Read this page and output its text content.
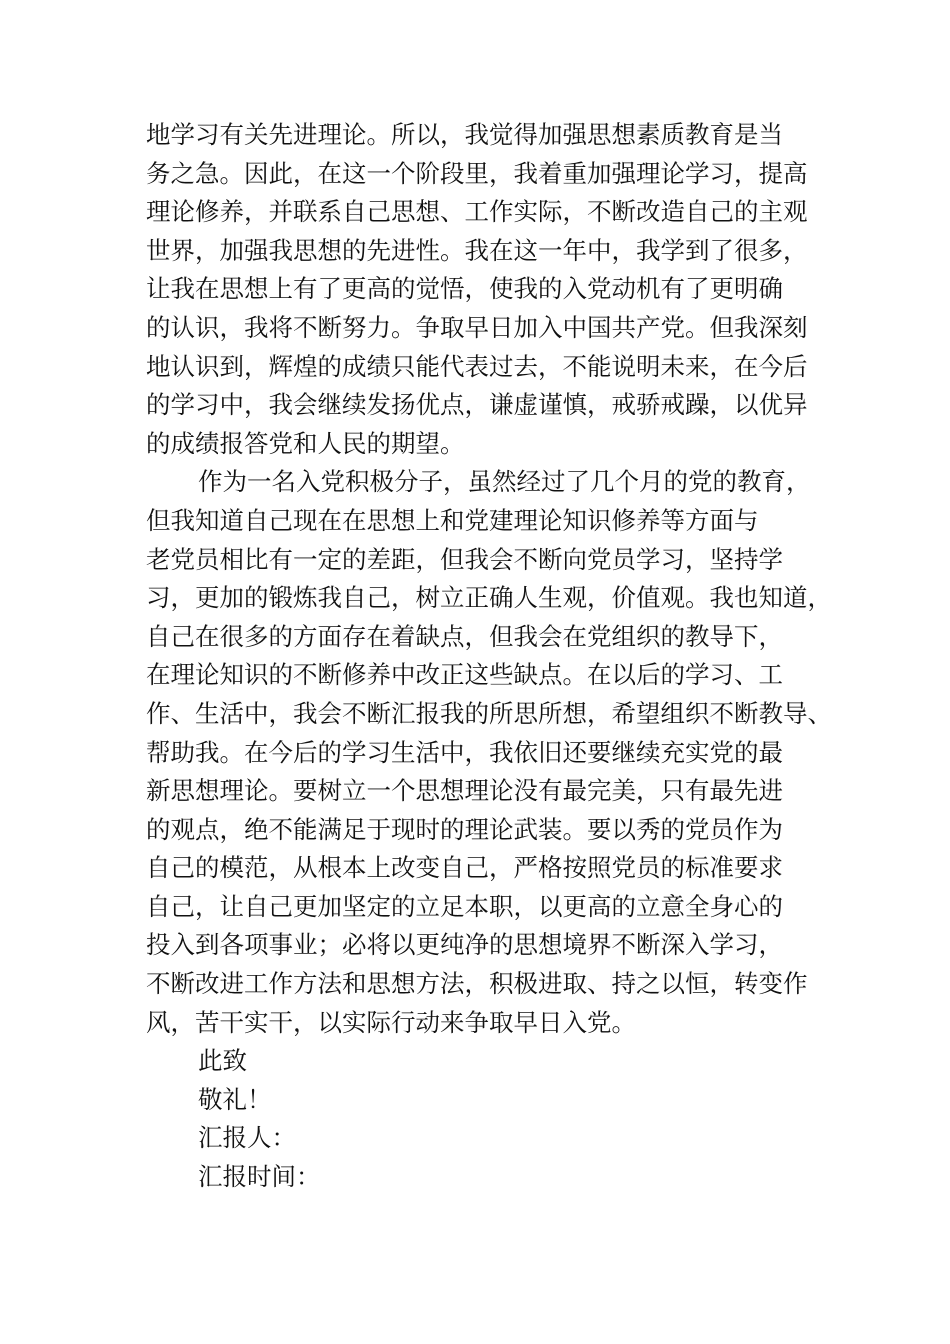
地学习有关先进理论。所以，我觉得加强思想素质教育是当
务之急。因此，在这一个阶段里，我着重加强理论学习，提高
理论修养，并联系自己思想、工作实际，不断改造自己的主观
世界，加强我思想的先进性。我在这一年中，我学到了很多，
让我在思想上有了更高的觉悟，使我的入党动机有了更明确
的认识，我将不断努力。争取早日加入中国共产党。但我深刻
地认识到，辉煌的成绩只能代表过去，不能说明未来，在今后
的学习中，我会继续发扬优点，谦虚谨慎，戒骄戒躁，以优异
的成绩报答党和人民的期望。
作为一名入党积极分子，虽然经过了几个月的党的教育，
但我知道自己现在在思想上和党建理论知识修养等方面与
老党员相比有一定的差距，但我会不断向党员学习，坚持学
习，更加的锻炼我自己，树立正确人生观，价值观。我也知道，
自己在很多的方面存在着缺点，但我会在党组织的教导下，
在理论知识的不断修养中改正这些缺点。在以后的学习、工
作、生活中，我会不断汇报我的所思所想，希望组织不断教导、
帮助我。在今后的学习生活中，我依旧还要继续充实党的最
新思想理论。要树立一个思想理论没有最完美，只有最先进
的观点，绝不能满足于现时的理论武装。要以秀的党员作为
自己的模范，从根本上改变自己，严格按照党员的标准要求
自己，让自己更加坚定的立足本职，以更高的立意全身心的
投入到各项事业；必将以更纯净的思想境界不断深入学习，
不断改进工作方法和思想方法，积极进取、持之以恒，转变作
风，苦干实干，以实际行动来争取早日入党。
此致
敬礼！
汇报人：
汇报时间：
